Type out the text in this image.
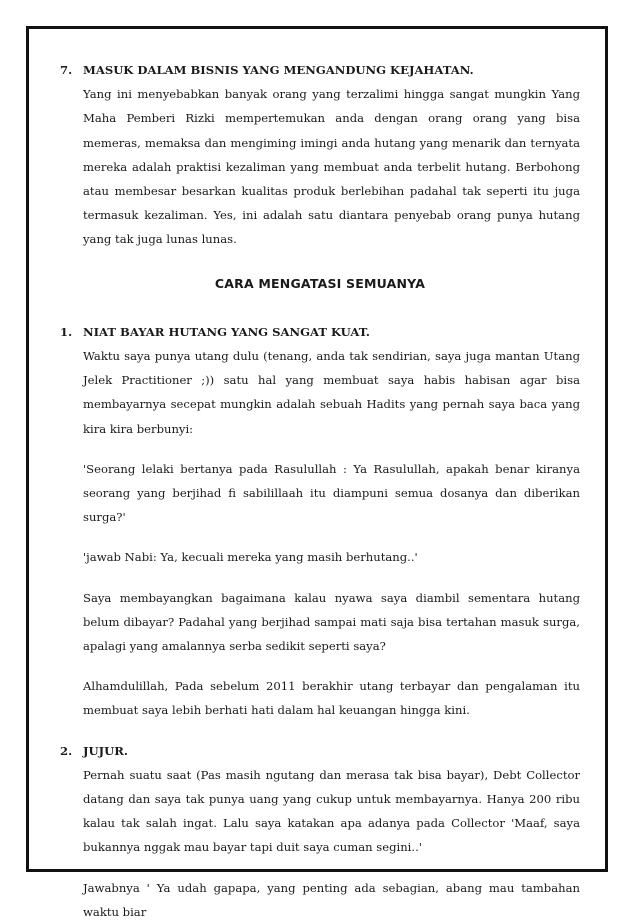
7. MASUK DALAM BISNIS YANG MENGANDUNG KEJAHATAN.

Yang ini menyebabkan banyak orang yang terzalimi hingga sangat mungkin Yang Maha Pemberi Rizki mempertemukan anda dengan orang orang yang bisa memeras, memaksa dan mengiming imingi anda hutang yang menarik dan ternyata mereka adalah praktisi kezaliman yang membuat anda terbelit hutang. Berbohong atau membesar besarkan kualitas produk berlebihan padahal tak seperti itu juga termasuk kezaliman. Yes, ini adalah satu diantara penyebab orang punya hutang yang tak juga lunas lunas.

CARA MENGATASI SEMUANYA
1. NIAT BAYAR HUTANG YANG SANGAT KUAT.

Waktu saya punya utang dulu (tenang, anda tak sendirian, saya juga mantan Utang Jelek Practitioner ;)) satu hal yang membuat saya habis habisan agar bisa membayarnya secepat mungkin adalah sebuah Hadits yang pernah saya baca yang kira kira berbunyi:

'Seorang lelaki bertanya pada Rasulullah : Ya Rasulullah, apakah benar kiranya seorang yang berjihad fi sabilillaah itu diampuni semua dosanya dan diberikan surga?'

'jawab Nabi: Ya, kecuali mereka yang masih berhutang..'

Saya membayangkan bagaimana kalau nyawa saya diambil sementara hutang belum dibayar? Padahal yang berjihad sampai mati saja bisa tertahan masuk surga, apalagi yang amalannya serba sedikit seperti saya?

Alhamdulillah, Pada sebelum 2011 berakhir utang terbayar dan pengalaman itu membuat saya lebih berhati hati dalam hal keuangan hingga kini.

2. JUJUR.

Pernah suatu saat (Pas masih ngutang dan merasa tak bisa bayar), Debt Collector datang dan saya tak punya uang yang cukup untuk membayarnya. Hanya 200 ribu kalau tak salah ingat. Lalu saya katakan apa adanya pada Collector 'Maaf, saya bukannya nggak mau bayar tapi duit saya cuman segini..'

Jawabnya ' Ya udah gapapa, yang penting ada sebagian, abang mau tambahan waktu biar
